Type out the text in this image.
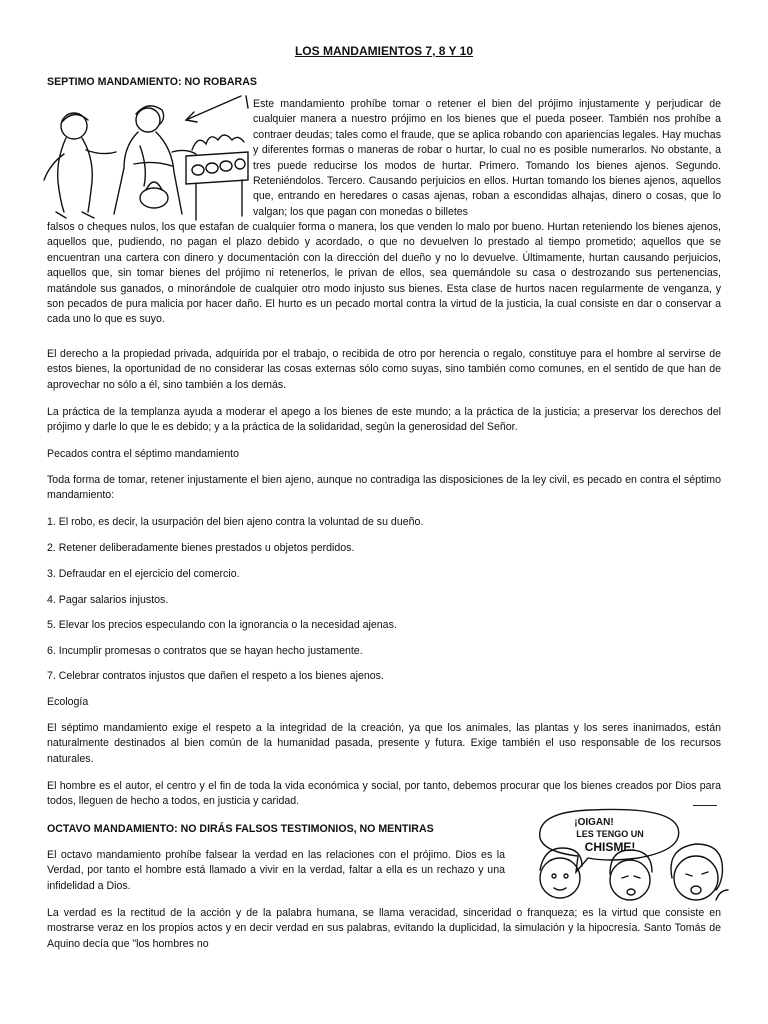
LOS MANDAMIENTOS 7, 8 Y 10
SEPTIMO MANDAMIENTO: NO ROBARAS

Este mandamiento prohíbe tomar o retener el bien del prójimo injustamente y perjudicar de cualquier manera a nuestro prójimo en los bienes que el pueda poseer. También nos prohíbe a contraer deudas; tales como el fraude, que se aplica robando con apariencias legales. Hay muchas y diferentes formas o maneras de robar o hurtar, lo cual no es posible numerarlos. No obstante, a tres puede reducirse los modos de hurtar. Primero. Tomando los bienes ajenos. Segundo. Reteniéndolos. Tercero. Causando perjuicios en ellos. Hurtan tomando los bienes ajenos, aquellos que, entrando en heredares o casas ajenas, roban a escondidas alhajas, dinero o cosas, que lo valgan; los que pagan con monedas o billetes

falsos o cheques nulos, los que estafan de cualquier forma o manera, los que venden lo malo por bueno. Hurtan reteniendo los bienes ajenos, aquellos que, pudiendo, no pagan el plazo debido y acordado, o que no devuelven lo prestado al tiempo prometido; aquellos que se encuentran una cartera con dinero y documentación con la dirección del dueño y no lo devuelve. Últimamente, hurtan causando perjuicios, aquellos que, sin tomar bienes del prójimo ni retenerlos, le privan de ellos, sea quemándole su casa o destrozando sus pertenencias, matándole sus ganados, o minorándole de cualquier otro modo injusto sus bienes. Esta clase de hurtos nacen regularmente de venganza, y son pecados de pura malicia por hacer daño. El hurto es un pecado mortal contra la virtud de la justicia, la cual consiste en dar o conservar a cada uno lo que es suyo.

El derecho a la propiedad privada, adquirida por el trabajo, o recibida de otro por herencia o regalo, constituye para el hombre al servirse de estos bienes, la oportunidad de no considerar las cosas externas sólo como suyas, sino también como comunes, en el sentido de que han de aprovechar no sólo a él, sino también a los demás.

La práctica de la templanza ayuda a moderar el apego a los bienes de este mundo; a la práctica de la justicia; a preservar los derechos del prójimo y darle lo que le es debido; y a la práctica de la solidaridad, según la generosidad del Señor.

Pecados contra el séptimo mandamiento

Toda forma de tomar, retener injustamente el bien ajeno, aunque no contradiga las disposiciones de la ley civil, es pecado en contra el séptimo mandamiento:

1. El robo, es decir, la usurpación del bien ajeno contra la voluntad de su dueño.

2. Retener deliberadamente bienes prestados u objetos perdidos.

3. Defraudar en el ejercicio del comercio.

4. Pagar salarios injustos.

5. Elevar los precios especulando con la ignorancia o la necesidad ajenas.

6. Incumplir promesas o contratos que se hayan hecho justamente.

7. Celebrar contratos injustos que dañen el respeto a los bienes ajenos.

Ecología

El séptimo mandamiento exige el respeto a la integridad de la creación, ya que los animales, las plantas y los seres inanimados, están naturalmente destinados al bien común de la humanidad pasada, presente y futura. Exige también el uso responsable de los recursos naturales.

El hombre es el autor, el centro y el fin de toda la vida económica y social, por tanto, debemos procurar que los bienes creados por Dios para todos, lleguen de hecho a todos, en justicia y caridad.

OCTAVO MANDAMIENTO: NO DIRÁS FALSOS TESTIMONIOS, NO MENTIRAS
¡OIGAN!
LES TENGO UN
CHISME!

El octavo mandamiento prohíbe falsear la verdad en las relaciones con el prójimo. Dios es la Verdad, por tanto el hombre está llamado a vivir en la verdad, faltar a ella es un rechazo y una infidelidad a Dios.

La verdad es la rectitud de la acción y de la palabra humana, se llama veracidad, sinceridad o franqueza; es la virtud que consiste en mostrarse veraz en los propios actos y en decir verdad en sus palabras, evitando la duplicidad, la simulación y la hipocresía. Santo Tomás de Aquino decía que "los hombres no
